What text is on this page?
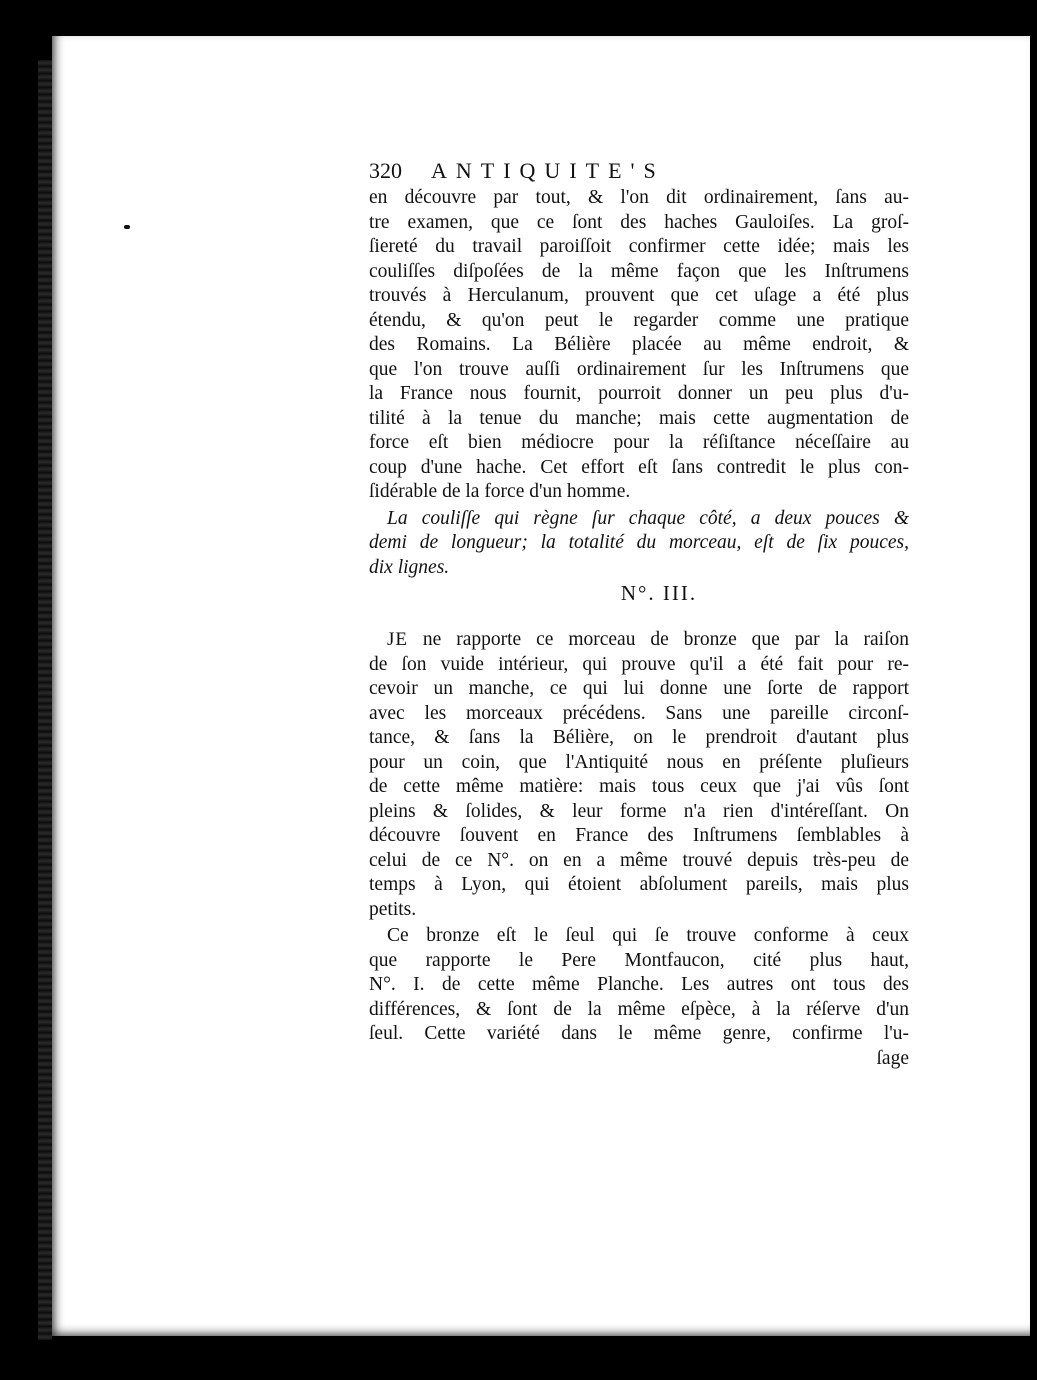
320	ANTIQUITE'S
en découvre par tout, & l'on dit ordinairement, ſans au-
tre examen, que ce ſont des haches Gauloiſes. La groſ-
ſiereté du travail paroiſſoit confirmer cette idée; mais les
couliſſes diſpoſées de la même façon que les Inſtrumens
trouvés à Herculanum, prouvent que cet uſage a été plus
étendu, & qu'on peut le regarder comme une pratique
des Romains. La Bélière placée au même endroit, &
que l'on trouve auſſi ordinairement ſur les Inſtrumens que
la France nous fournit, pourroit donner un peu plus d'u-
tilité à la tenue du manche; mais cette augmentation de
force eſt bien médiocre pour la réſiſtance néceſſaire au
coup d'une hache. Cet effort eſt ſans contredit le plus con-
ſidérable de la force d'un homme.
La couliſſe qui règne ſur chaque côté, a deux pouces &
demi de longueur; la totalité du morceau, eſt de ſix pouces,
dix lignes.
N°. III.
JE ne rapporte ce morceau de bronze que par la raiſon
de ſon vuide intérieur, qui prouve qu'il a été fait pour re-
cevoir un manche, ce qui lui donne une ſorte de rapport
avec les morceaux précédens. Sans une pareille circonſ-
tance, & ſans la Bélière, on le prendroit d'autant plus
pour un coin, que l'Antiquité nous en préſente pluſieurs
de cette même matière: mais tous ceux que j'ai vûs ſont
pleins & ſolides, & leur forme n'a rien d'intéreſſant. On
découvre ſouvent en France des Inſtrumens ſemblables à
celui de ce N°. on en a même trouvé depuis très-peu de
temps à Lyon, qui étoient abſolument pareils, mais plus
petits.
Ce bronze eſt le ſeul qui ſe trouve conforme à ceux
que rapporte le Pere Montfaucon, cité plus haut,
N°. I. de cette même Planche. Les autres ont tous des
différences, & ſont de la même eſpèce, à la réſerve d'un
ſeul. Cette variété dans le même genre, confirme l'u-
ſage
